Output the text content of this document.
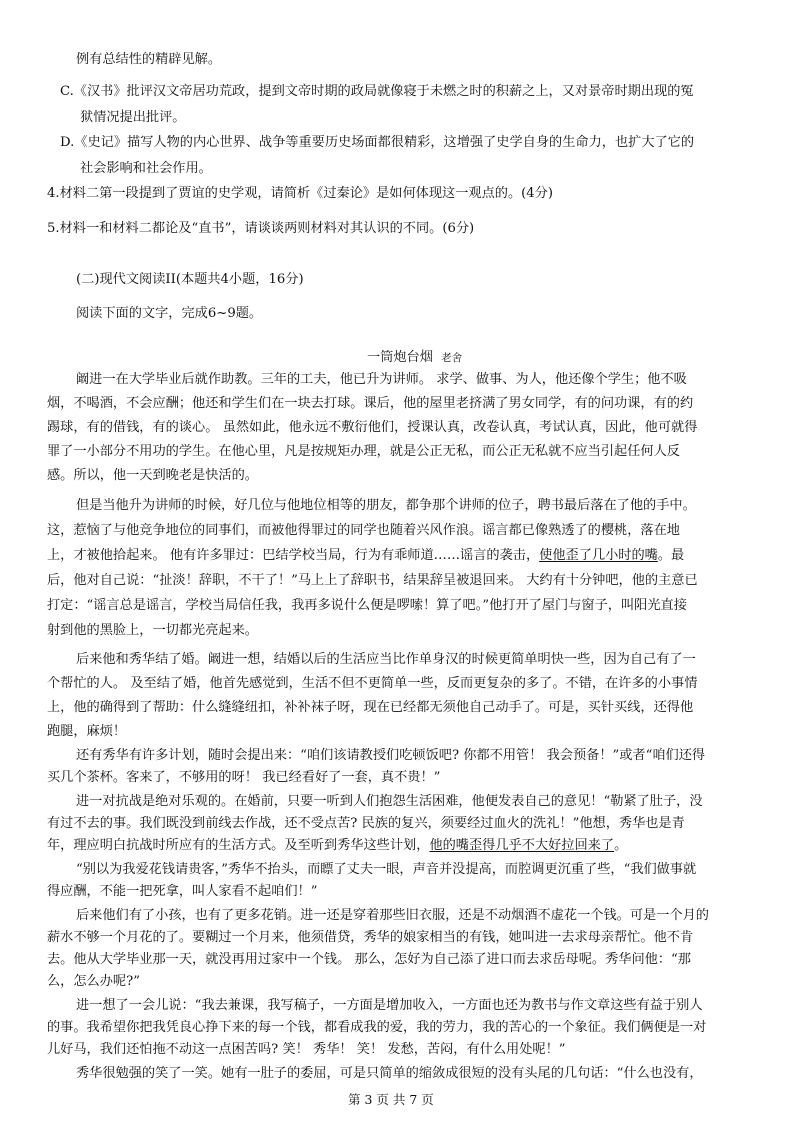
例有总结性的精辟见解。
C.《汉书》批评汉文帝居功荒政，提到文帝时期的政局就像寝于未燃之时的积薪之上，又对景帝时期出现的冤
狱情况提出批评。
D.《史记》描写人物的内心世界、战争等重要历史场面都很精彩，这增强了史学自身的生命力，也扩大了它的
社会影响和社会作用。
4.材料二第一段提到了贾谊的史学观，请简析《过秦论》是如何体现这一观点的。(4分)
5.材料一和材料二都论及“直书”，请谈谈两则材料对其认识的不同。(6分)
(二)现代文阅读II(本题共4小题，16分)
阅读下面的文字，完成6~9题。
一筒炮台烟 老舍
阚进一在大学毕业后就作助教。三年的工夫，他已升为讲师。 求学、做事、为人，他还像个学生；他不吸
烟，不喝酒，不会应酬；他还和学生们在一块去打球。课后，他的屋里老挤满了男女同学，有的问功课，有的约
踢球，有的借钱，有的谈心。 虽然如此，他永远不敷衍他们，授课认真，改卷认真，考试认真，因此，他可就得
罪了一小部分不用功的学生。在他心里，凡是按规矩办理，就是公正无私，而公正无私就不应当引起任何人反
感。所以，他一天到晚老是快活的。
但是当他升为讲师的时候，好几位与他地位相等的朋友，都争那个讲师的位子，聘书最后落在了他的手中。
这，惹恼了与他竞争地位的同事们，而被他得罪过的同学也随着兴风作浪。谣言都已像熟透了的樱桃，落在地
上，才被他拾起来。 他有许多罪过：巴结学校当局，行为有乖师道……谣言的袭击，使他歪了几小时的嘴。最
后，他对自己说：“扯淡！辞职，不干了！”马上上了辞职书，结果辞呈被退回来。 大约有十分钟吧，他的主意已
打定：“谣言总是谣言，学校当局信任我，我再多说什么便是啰嗦！算了吧。”他打开了屋门与窗子，叫阳光直接
射到他的黑脸上，一切都光亮起来。
后来他和秀华结了婚。阚进一想，结婚以后的生活应当比作单身汉的时候更简单明快一些，因为自己有了一
个帮忙的人。 及至结了婚，他首先感觉到，生活不但不更简单一些，反而更复杂的多了。不错，在许多的小事情
上，他的确得到了帮助：什么缝缝纽扣，补补袜子呀，现在已经都无须他自己动手了。可是，买针买线，还得他
跑腿，麻烦！
还有秀华有许多计划，随时会提出来：“咱们该请教授们吃顿饭吧? 你都不用管！ 我会预备！”或者“咱们还得
买几个茶杯。客来了，不够用的呀！ 我已经看好了一套，真不贵！”
进一对抗战是绝对乐观的。在婚前，只要一听到人们抱怨生活困难，他便发表自己的意见！“勒紧了肚子，没
有过不去的事。我们既没到前线去作战，还不受点苦? 民族的复兴，须要经过血火的洗礼！”他想，秀华也是青
年，理应明白抗战时所应有的生活方式。及至听到秀华这些计划，他的嘴歪得几乎不大好拉回来了。
“别以为我爱花钱请贵客，”秀华不抬头，而瞟了丈夫一眼，声音并没提高，而腔调更沉重了些，“我们做事就
得应酬，不能一把死拿，叫人家看不起咱们！”
后来他们有了小孩，也有了更多花销。进一还是穿着那些旧衣服，还是不动烟酒不虚花一个钱。可是一个月的
薪水不够一个月花的了。要糊过一个月来，他须借贷，秀华的娘家相当的有钱，她叫进一去求母亲帮忙。他不肯
去。他从大学毕业那一天，就没再用过家中一个钱。 那么，怎好为自己添了进口而去求岳母呢。秀华问他：“那
么，怎么办呢?”
进一想了一会儿说：“我去兼课，我写稿子，一方面是增加收入，一方面也还为教书与作文章这些有益于别人
的事。我希望你把我凭良心挣下来的每一个钱，都看成我的爱，我的劳力，我的苦心的一个象征。我们俩便是一对
儿好马，我们还怕拖不动这一点困苦吗? 笑！ 秀华！ 笑！ 发愁，苦闷，有什么用处呢！”
秀华很勉强的笑了一笑。她有一肚子的委屈，可是只简单的缩敛成很短的没有头尾的几句话：“什么也没有，
第 3 页 共 7 页
